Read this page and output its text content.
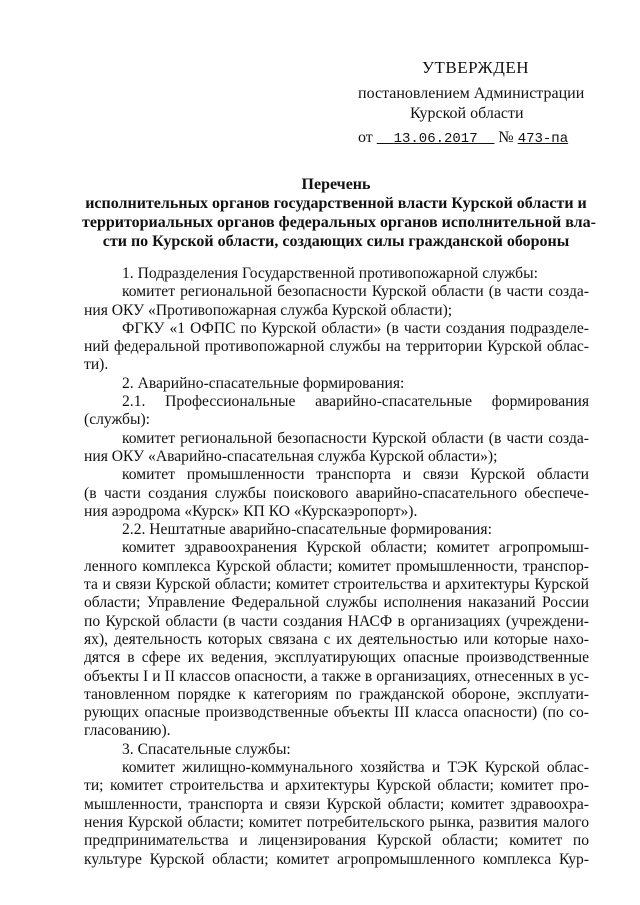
УТВЕРЖДЕН
постановлением Администрации
Курской области
от 13.06.2017 № 473-па
Перечень
исполнительных органов государственной власти Курской области и
территориальных органов федеральных органов исполнительной вла-
сти по Курской области, создающих силы гражданской обороны
1. Подразделения Государственной противопожарной службы:
комитет региональной безопасности Курской области (в части созда-
ния ОКУ «Противопожарная служба Курской области);
ФГКУ «1 ОФПС по Курской области» (в части создания подразделе-
ний федеральной противопожарной службы на территории Курской облас-
ти).
2. Аварийно-спасательные формирования:
2.1. Профессиональные аварийно-спасательные формирования
(службы):
комитет региональной безопасности Курской области (в части созда-
ния ОКУ «Аварийно-спасательная служба Курской области»);
комитет промышленности транспорта и связи Курской области
(в части создания службы поискового аварийно-спасательного обеспече-
ния аэродрома «Курск» КП КО «Курскаэропорт»).
2.2. Нештатные аварийно-спасательные формирования:
комитет здравоохранения Курской области; комитет агропромыш-
ленного комплекса Курской области; комитет промышленности, транспор-
та и связи Курской области; комитет строительства и архитектуры Курской
области; Управление Федеральной службы исполнения наказаний России
по Курской области (в части создания НАСФ в организациях (учреждени-
ях), деятельность которых связана с их деятельностью или которые нахо-
дятся в сфере их ведения, эксплуатирующих опасные производственные
объекты I и II классов опасности, а также в организациях, отнесенных в ус-
тановленном порядке к категориям по гражданской обороне, эксплуати-
рующих опасные производственные объекты III класса опасности) (по со-
гласованию).
3. Спасательные службы:
комитет жилищно-коммунального хозяйства и ТЭК Курской облас-
ти; комитет строительства и архитектуры Курской области; комитет про-
мышленности, транспорта и связи Курской области; комитет здравоохра-
нения Курской области; комитет потребительского рынка, развития малого
предпринимательства и лицензирования Курской области; комитет по
культуре Курской области; комитет агропромышленного комплекса Кур-
